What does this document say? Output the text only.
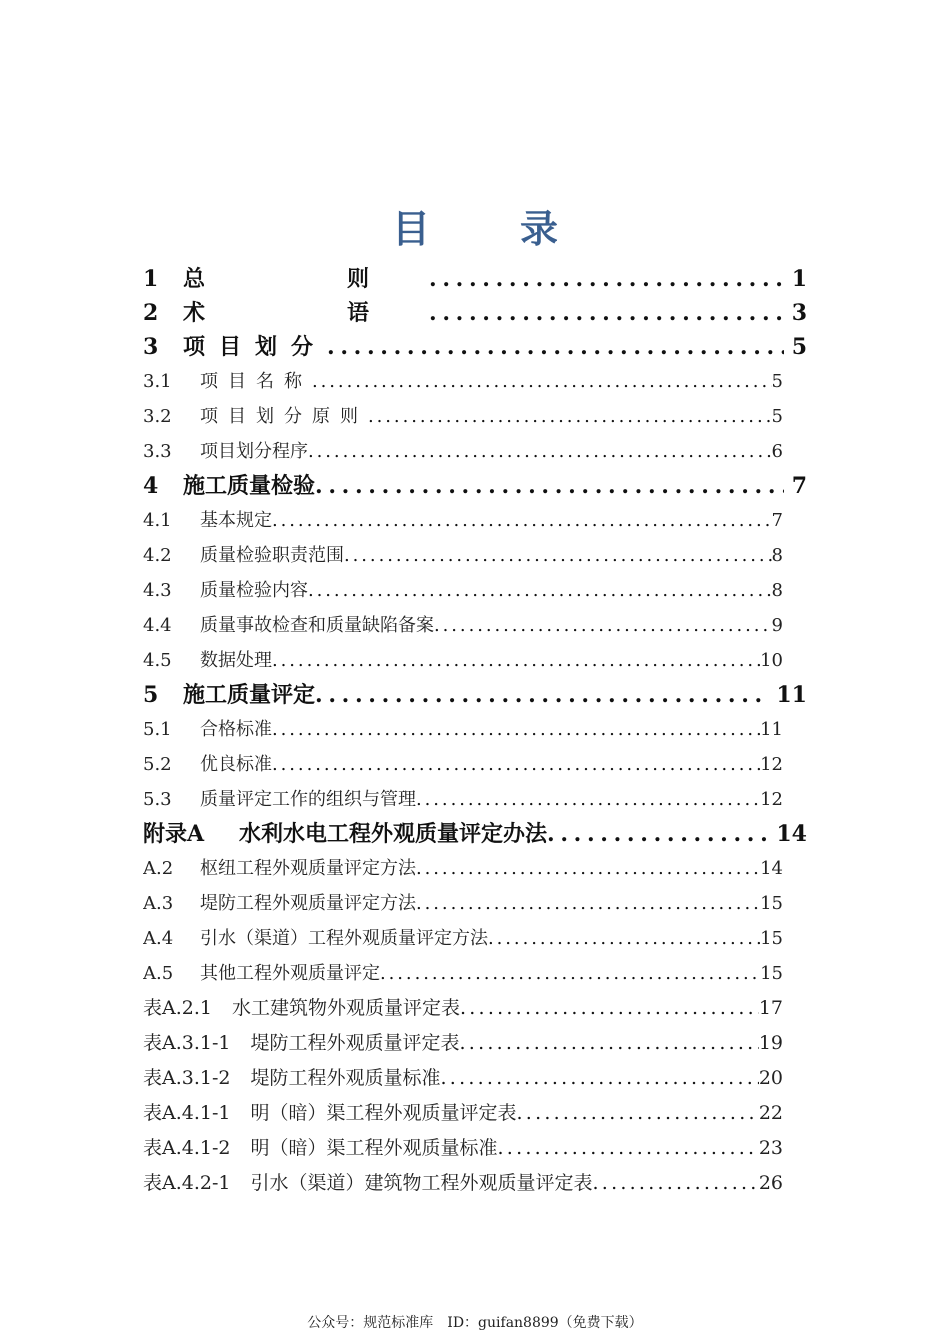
目录
1	总　则 . . .	1
2	术　语 . . .	3
3	项目划分 . . .	5
3.1	项目名称 . . .	5
3.2	项目划分原则 . . .	5
3.3	项目划分程序 . . .	6
4	施工质量检验 . . .	7
4.1	基本规定 . . .	7
4.2	质量检验职责范围 . . .	8
4.3	质量检验内容 . . .	8
4.4	质量事故检查和质量缺陷备案 . . .	9
4.5	数据处理 . . .	10
5	施工质量评定 . . .	11
5.1	合格标准 . . .	11
5.2	优良标准 . . .	12
5.3	质量评定工作的组织与管理 . . .	12
附录A	水利水电工程外观质量评定办法 . . .	14
A.2	枢纽工程外观质量评定方法 . . .	14
A.3	堤防工程外观质量评定方法 . . .	15
A.4	引水（渠道）工程外观质量评定方法 . . .	15
A.5	其他工程外观质量评定 . . .	15
表A.2.1	水工建筑物外观质量评定表 . . .	17
表A.3.1-1	堤防工程外观质量评定表 . . .	19
表A.3.1-2	堤防工程外观质量标准 . . .	20
表A.4.1-1	明（暗）渠工程外观质量评定表 . . .	22
表A.4.1-2	明（暗）渠工程外观质量标准 . . .	23
表A.4.2-1	引水（渠道）建筑物工程外观质量评定表 . . .	26
公众号：规范标准库　ID：guifan8899（免费下载）
